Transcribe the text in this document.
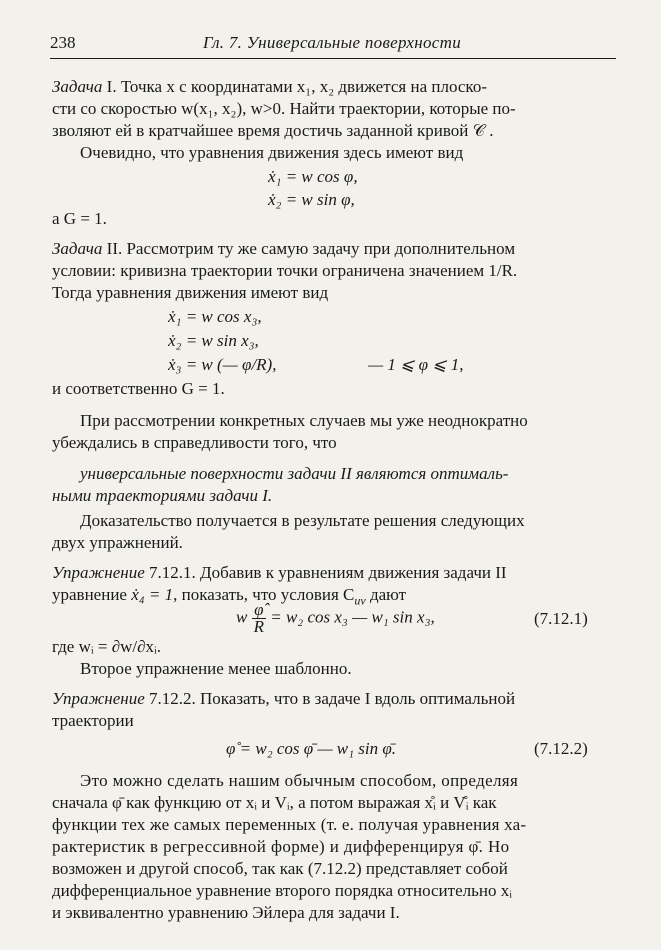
238	Гл. 7. Универсальные поверхности
Задача I. Точка x с координатами x₁, x₂ движется на плоско-
сти со скоростью w(x₁, x₂), w>0. Найти траектории, которые по-
зволяют ей в кратчайшее время достичь заданной кривой 𝒞 .
Очевидно, что уравнения движения здесь имеют вид
ẋ₁ = w cos φ,
ẋ₂ = w sin φ,
а G = 1.
Задача II. Рассмотрим ту же самую задачу при дополнительном
условии: кривизна траектории точки ограничена значением 1/R.
Тогда уравнения движения имеют вид
ẋ₁ = w cos x₃,
ẋ₂ = w sin x₃,
ẋ₃ = w (— φ/R),	— 1 ⩽ φ ⩽ 1,
и соответственно G = 1.
При рассмотрении конкретных случаев мы уже неоднократно
убеждались в справедливости того, что
универсальные поверхности задачи II являются оптималь-
ными траекториями задачи I.
Доказательство получается в результате решения следующих
двух упражнений.
Упражнение 7.12.1. Добавив к уравнениям движения задачи II
уравнение ẋ₄ = 1, показать, что условия $C_{uv}$ дают
w $\frac{\varphî}{R} = w_2$ cos x₃ — w₁ sin x₃,	(7.12.1)
где wᵢ = ∂w/∂xᵢ.
Второе упражнение менее шаблонно.
Упражнение 7.12.2. Показать, что в задаче I вдоль оптимальной
траектории
φ̊ = w₂ cos φ̄ — w₁ sin φ̄.	(7.12.2)
Это можно сделать нашим обычным способом, определяя
сначала φ̄ как функцию от xᵢ и Vᵢ, а потом выражая x̊ᵢ и V̊ᵢ как
функции тех же самых переменных (т. е. получая уравнения ха-
рактеристик в регрессивной форме) и дифференцируя φ̄. Но
возможен и другой способ, так как (7.12.2) представляет собой
дифференциальное уравнение второго порядка относительно xᵢ
и эквивалентно уравнению Эйлера для задачи I.
